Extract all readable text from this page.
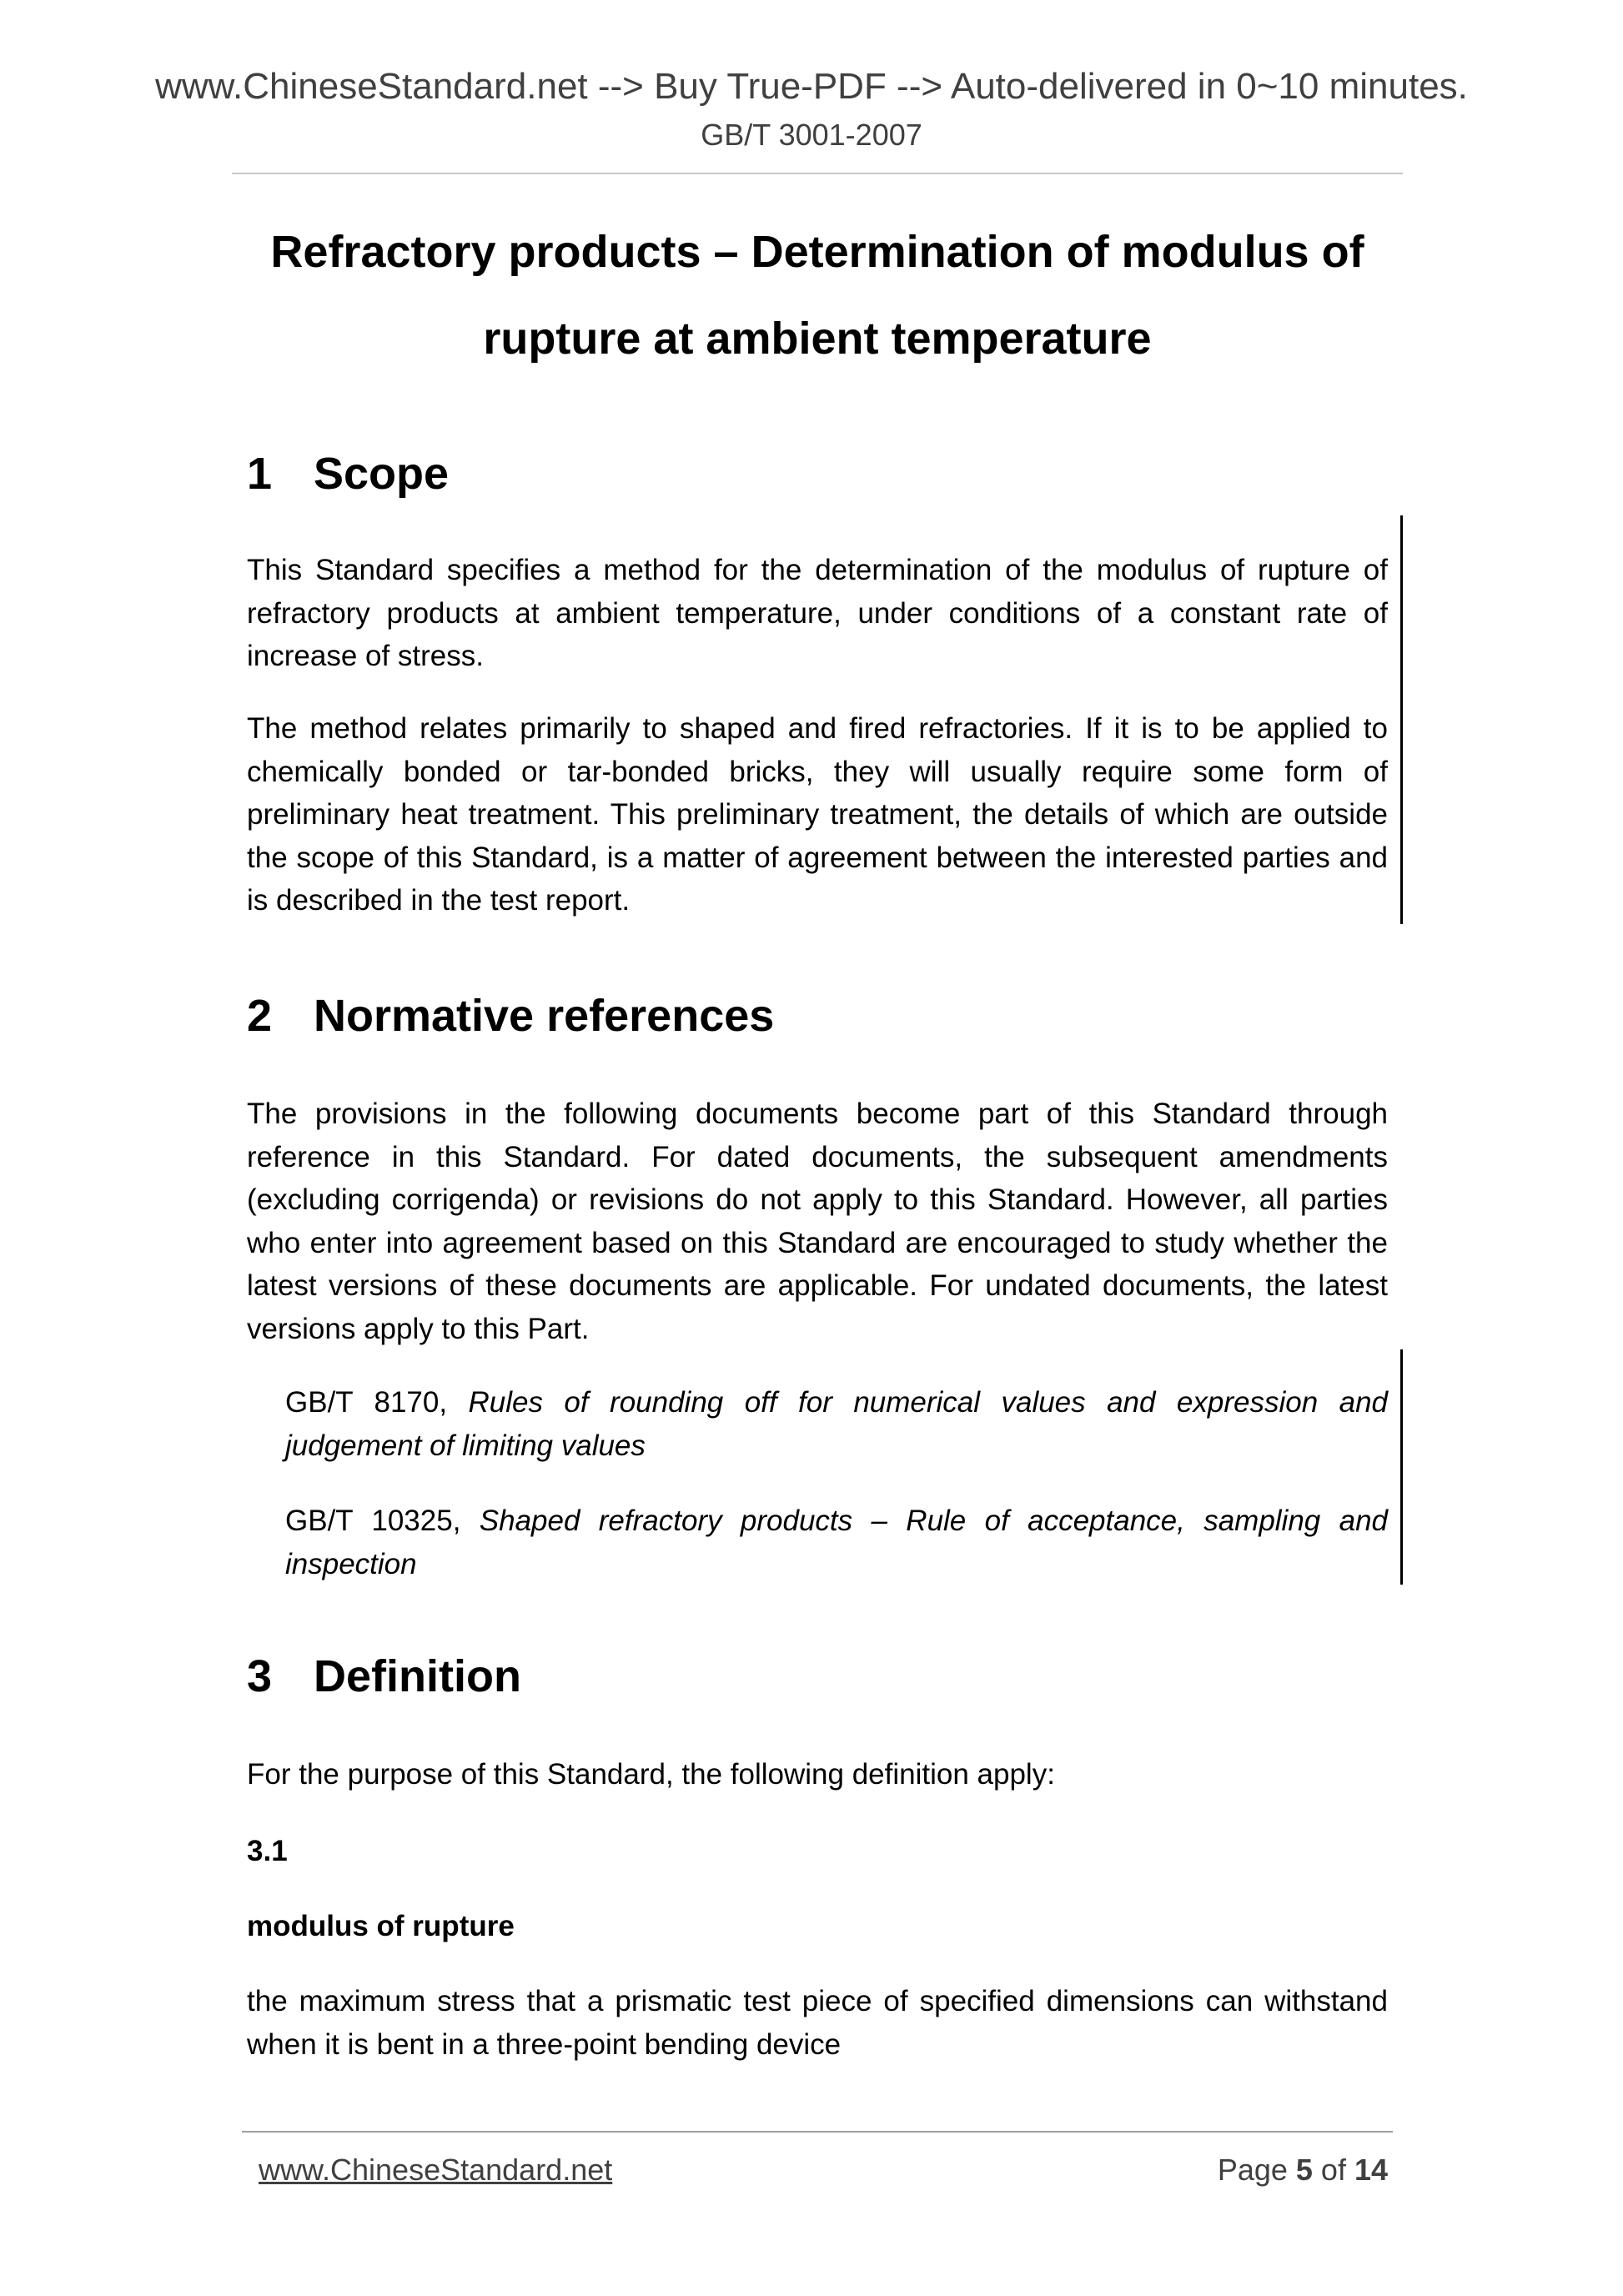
www.ChineseStandard.net --> Buy True-PDF --> Auto-delivered in 0~10 minutes.
GB/T 3001-2007
Refractory products – Determination of modulus of
rupture at ambient temperature
1 Scope
This Standard specifies a method for the determination of the modulus of rupture of refractory products at ambient temperature, under conditions of a constant rate of increase of stress.
The method relates primarily to shaped and fired refractories. If it is to be applied to chemically bonded or tar-bonded bricks, they will usually require some form of preliminary heat treatment. This preliminary treatment, the details of which are outside the scope of this Standard, is a matter of agreement between the interested parties and is described in the test report.
2 Normative references
The provisions in the following documents become part of this Standard through reference in this Standard. For dated documents, the subsequent amendments (excluding corrigenda) or revisions do not apply to this Standard. However, all parties who enter into agreement based on this Standard are encouraged to study whether the latest versions of these documents are applicable. For undated documents, the latest versions apply to this Part.
GB/T 8170, Rules of rounding off for numerical values and expression and judgement of limiting values
GB/T 10325, Shaped refractory products – Rule of acceptance, sampling and inspection
3 Definition
For the purpose of this Standard, the following definition apply:
3.1
modulus of rupture
the maximum stress that a prismatic test piece of specified dimensions can withstand when it is bent in a three-point bending device
www.ChineseStandard.net	Page 5 of 14
